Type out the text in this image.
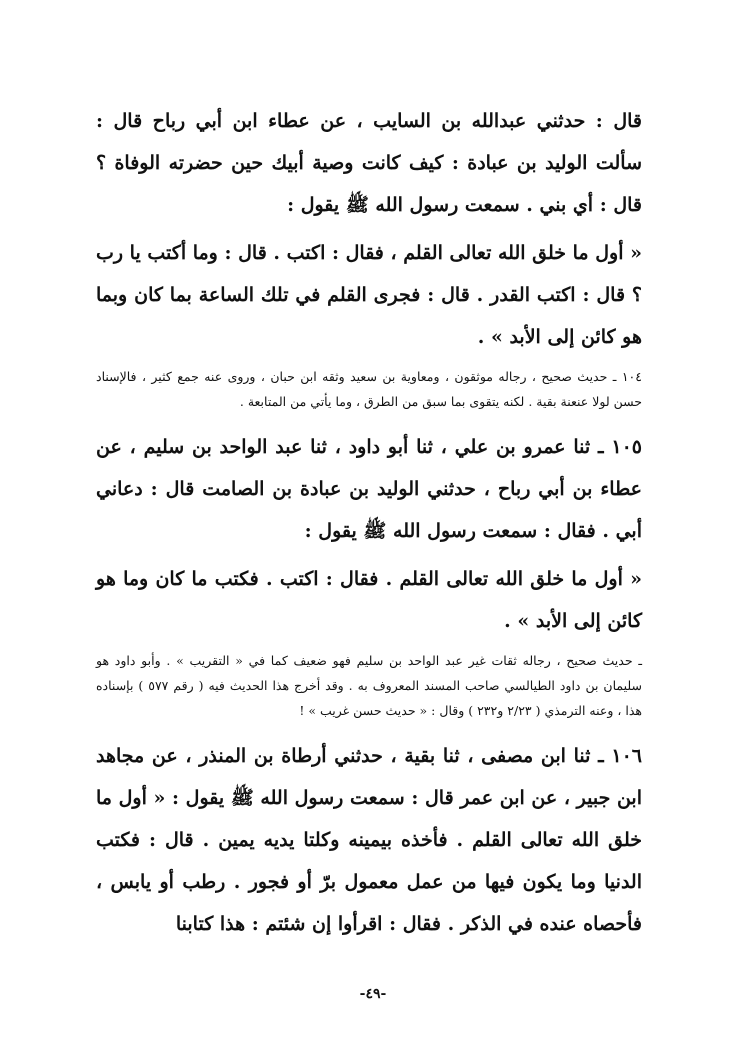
قال : حدثني عبدالله بن السايب ، عن عطاء ابن أبي رباح قال : سألت الوليد بن عبادة : كيف كانت وصية أبيك حين حضرته الوفاة ؟ قال : أي بني . سمعت رسول الله ﷺ يقول :

« أول ما خلق الله تعالى القلم ، فقال : اكتب . قال : وما أكتب يا رب ؟ قال : اكتب القدر . قال : فجرى القلم في تلك الساعة بما كان وبما هو كائن إلى الأبد » .

١٠٤ ـ حديث صحيح ، رجاله موثقون ، ومعاوية بن سعيد وثقه ابن حبان ، وروى عنه جمع كثير ، فالإسناد حسن لولا عنعنة بقية . لكنه يتقوى بما سبق من الطرق ، وما يأتي من المتابعة .

١٠٥ ـ ثنا عمرو بن علي ، ثنا أبو داود ، ثنا عبد الواحد بن سليم ، عن عطاء بن أبي رباح ، حدثني الوليد بن عبادة بن الصامت قال : دعاني أبي . فقال : سمعت رسول الله ﷺ يقول :

« أول ما خلق الله تعالى القلم . فقال : اكتب . فكتب ما كان وما هو كائن إلى الأبد » .

ـ حديث صحيح ، رجاله ثقات غير عبد الواحد بن سليم فهو ضعيف كما في « التقريب » . وأبو داود هو سليمان بن داود الطيالسي صاحب المسند المعروف به . وقد أخرج هذا الحديث فيه ( رقم ٥٧٧ ) بإسناده هذا ، وعنه الترمذي ( ٢/٢٣ و٢٣٢ ) وقال : « حديث حسن غريب » !

١٠٦ ـ ثنا ابن مصفى ، ثنا بقية ، حدثني أرطاة بن المنذر ، عن مجاهد ابن جبير ، عن ابن عمر قال : سمعت رسول الله ﷺ يقول : « أول ما خلق الله تعالى القلم . فأخذه بيمينه وكلتا يديه يمين . قال : فكتب الدنيا وما يكون فيها من عمل معمول برّ أو فجور . رطب أو يابس ، فأحصاه عنده في الذكر . فقال : اقرأوا إن شئتم : هذا كتابنا

-٤٩-
